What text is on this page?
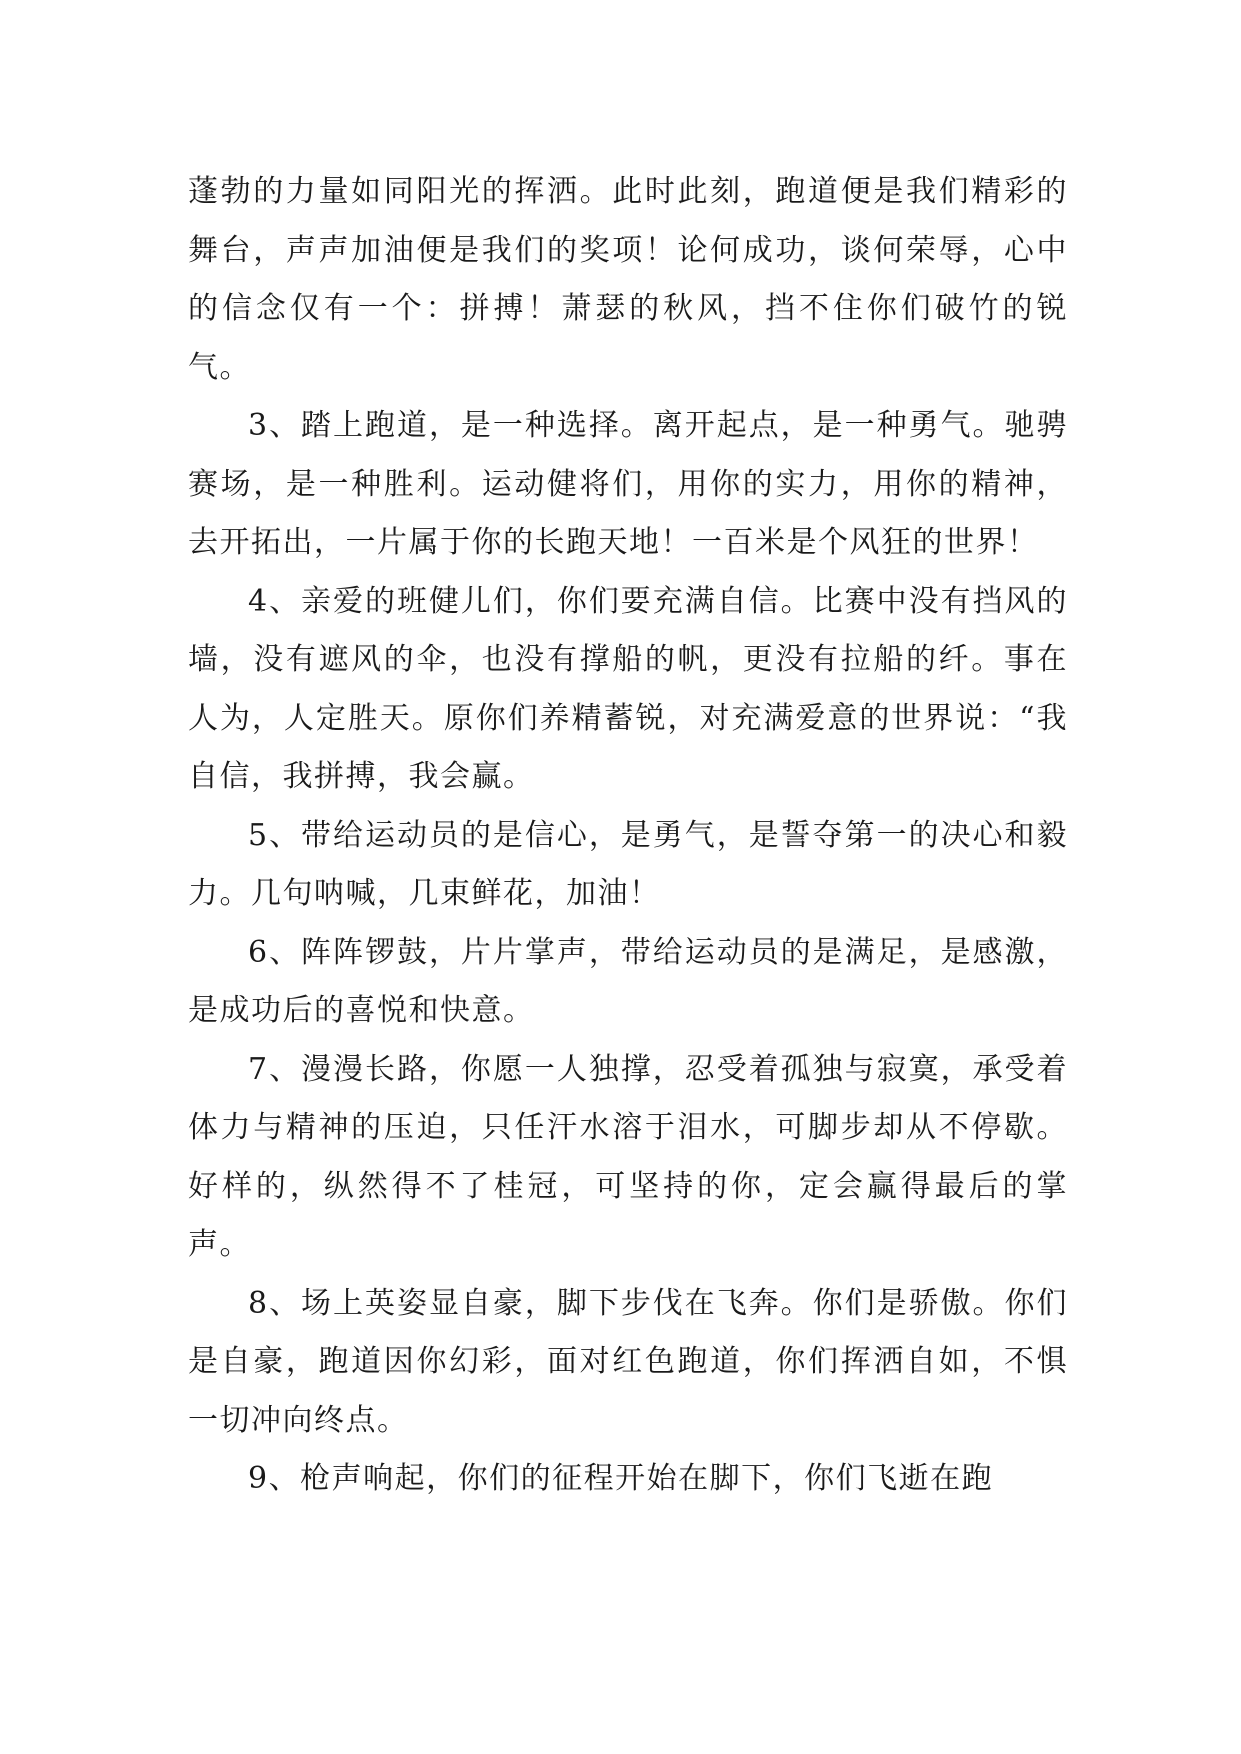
蓬勃的力量如同阳光的挥洒。此时此刻，跑道便是我们精彩的舞台，声声加油便是我们的奖项！论何成功，谈何荣辱，心中的信念仅有一个：拼搏！萧瑟的秋风，挡不住你们破竹的锐气。

3、踏上跑道，是一种选择。离开起点，是一种勇气。驰骋赛场，是一种胜利。运动健将们，用你的实力，用你的精神，去开拓出，一片属于你的长跑天地！一百米是个风狂的世界！

4、亲爱的班健儿们，你们要充满自信。比赛中没有挡风的墙，没有遮风的伞，也没有撑船的帆，更没有拉船的纤。事在人为，人定胜天。原你们养精蓄锐，对充满爱意的世界说：“我自信，我拼搏，我会赢。

5、带给运动员的是信心，是勇气，是誓夺第一的决心和毅力。几句呐喊，几束鲜花，加油！

6、阵阵锣鼓，片片掌声，带给运动员的是满足，是感激，是成功后的喜悦和快意。

7、漫漫长路，你愿一人独撑，忍受着孤独与寂寞，承受着体力与精神的压迫，只任汗水溶于泪水，可脚步却从不停歇。好样的，纵然得不了桂冠，可坚持的你，定会赢得最后的掌声。

8、场上英姿显自豪，脚下步伐在飞奔。你们是骄傲。你们是自豪，跑道因你幻彩，面对红色跑道，你们挥洒自如，不惧一切冲向终点。

9、枪声响起，你们的征程开始在脚下，你们飞逝在跑
